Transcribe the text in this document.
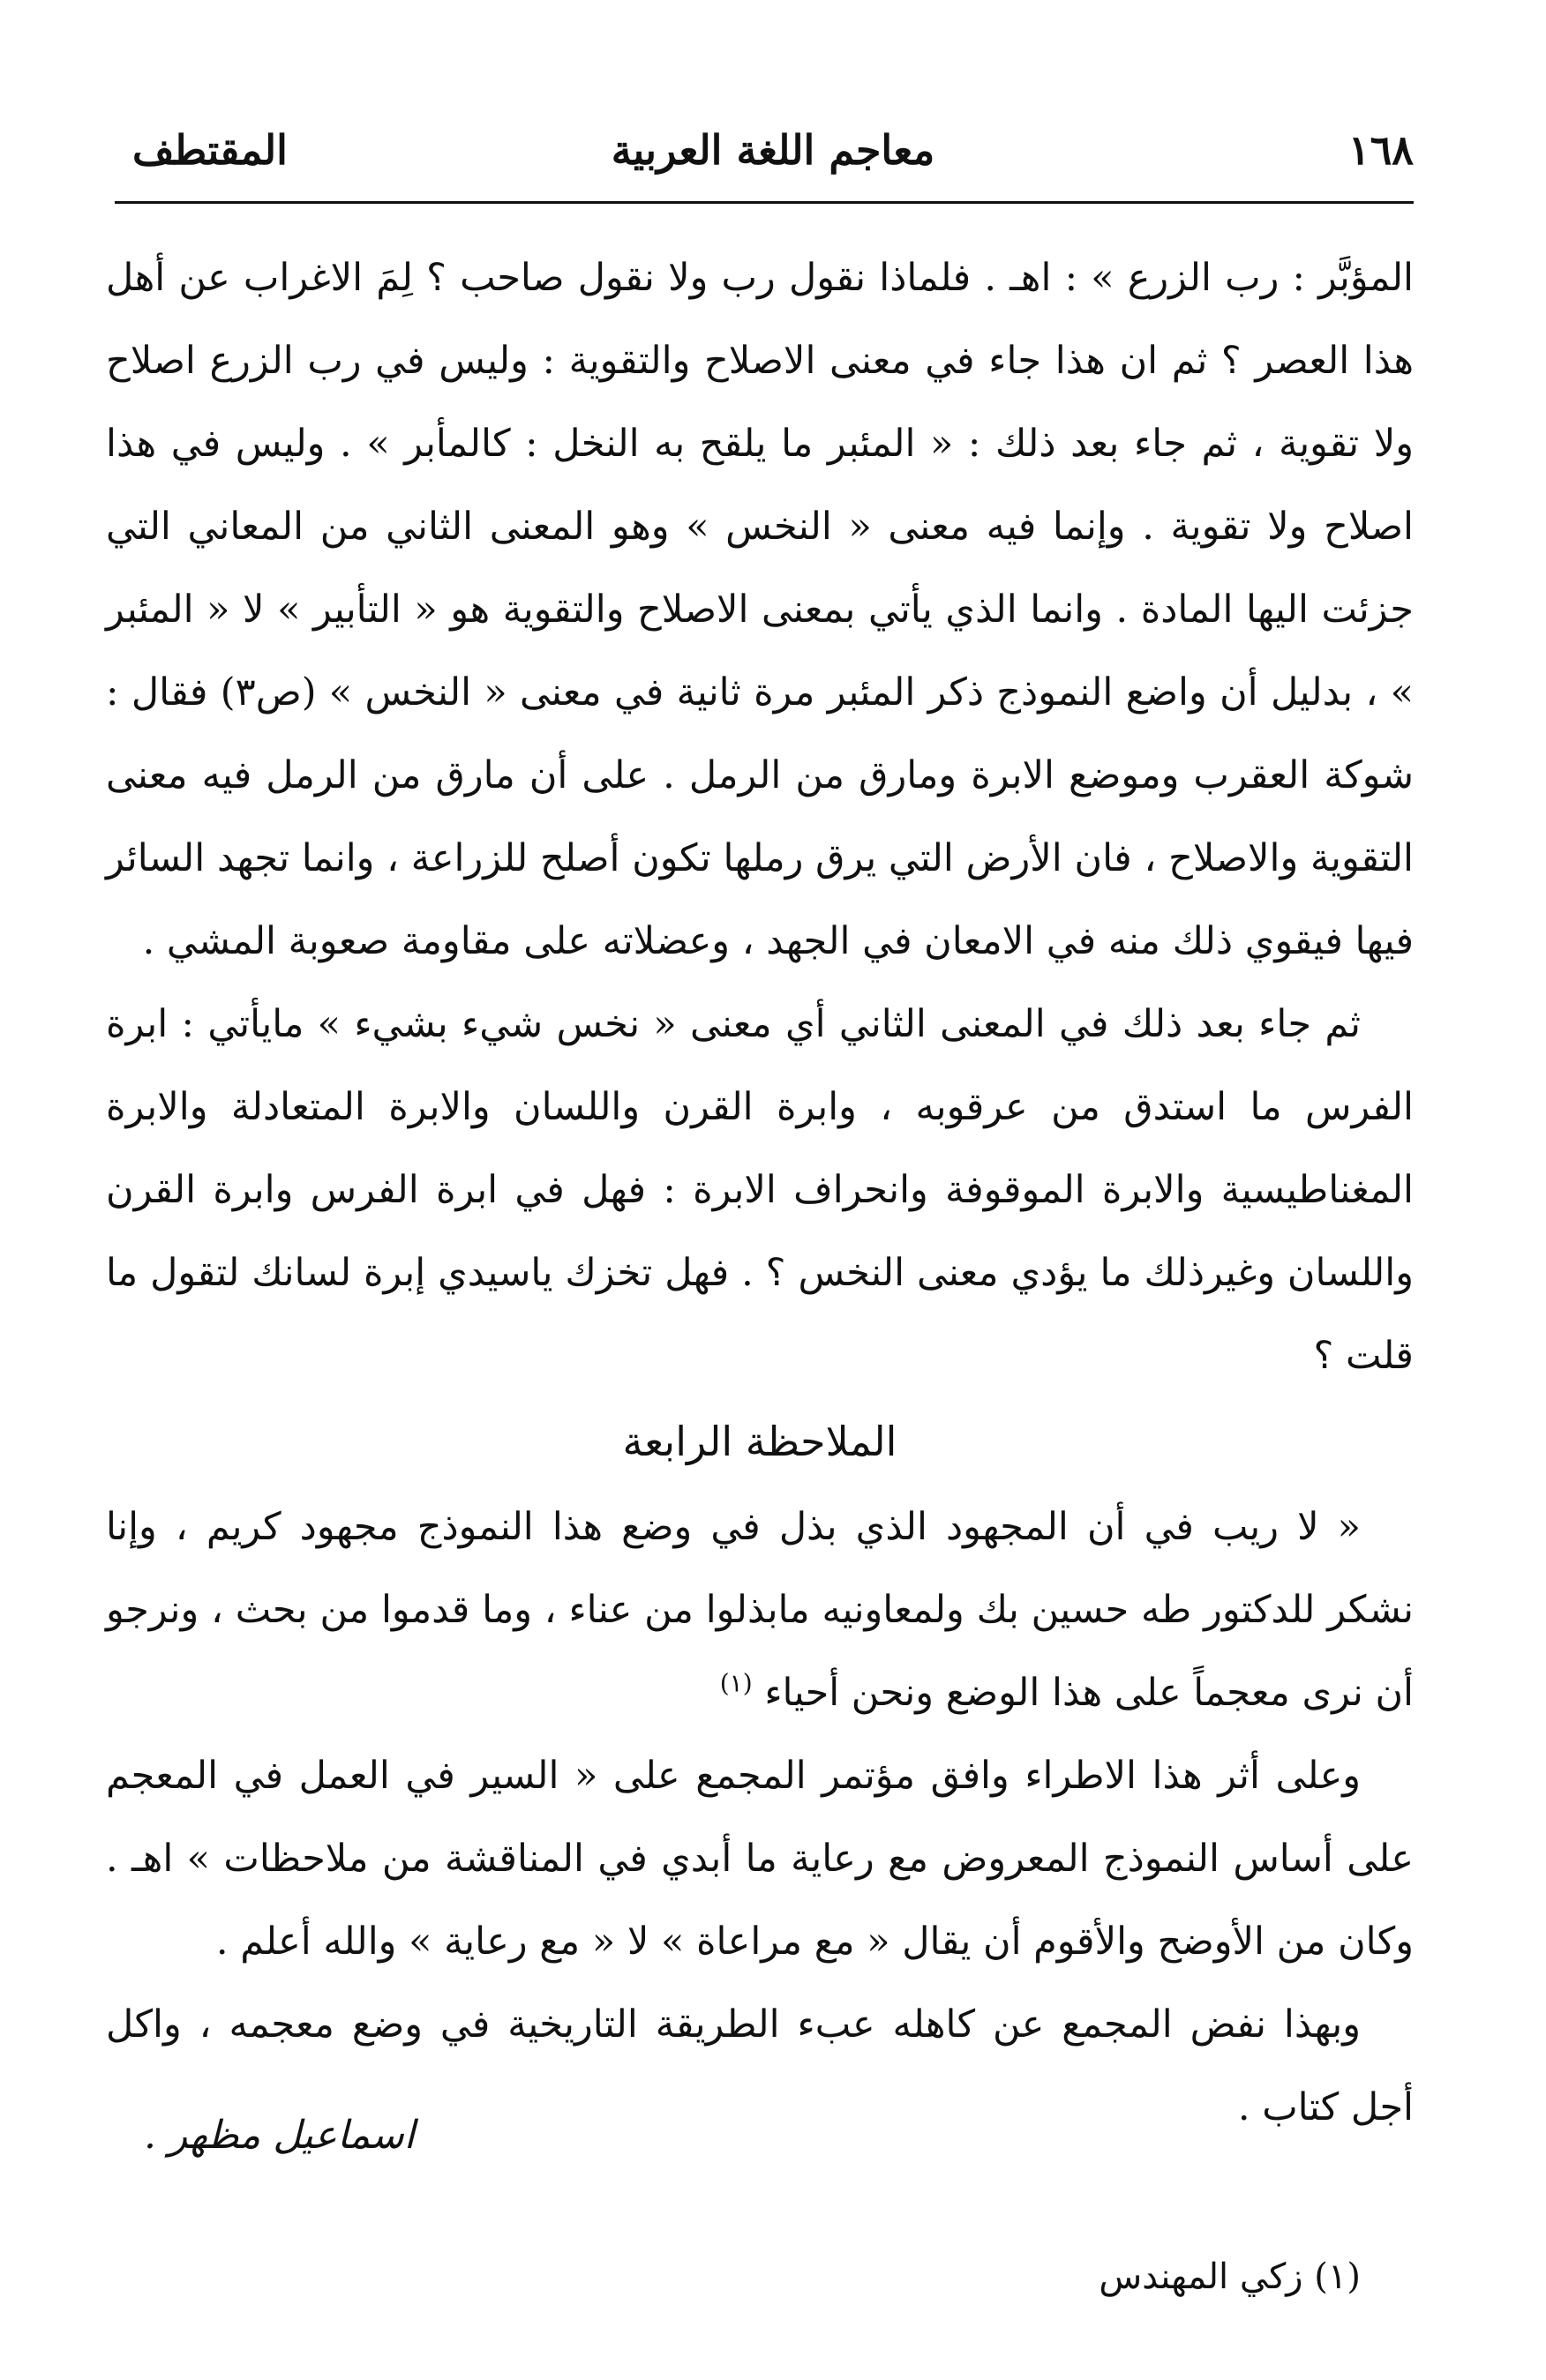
١٦٨
معاجم اللغة العربية
المقتطف

المؤبَّر : رب الزرع » : اهـ . فلماذا نقول رب ولا نقول صاحب ؟ لِمَ الاغراب عن أهل هذا العصر ؟ ثم ان هذا جاء في معنى الاصلاح والتقوية : وليس في رب الزرع اصلاح ولا تقوية ، ثم جاء بعد ذلك : « المئبر ما يلقح به النخل : كالمأبر » . وليس في هذا اصلاح ولا تقوية . وإنما فيه معنى « النخس » وهو المعنى الثاني من المعاني التي جزئت اليها المادة . وانما الذي يأتي بمعنى الاصلاح والتقوية هو « التأبير » لا « المئبر » ، بدليل أن واضع النموذج ذكر المئبر مرة ثانية في معنى « النخس » (ص٣) فقال : شوكة العقرب وموضع الابرة ومارق من الرمل . على أن مارق من الرمل فيه معنى التقوية والاصلاح ، فان الأرض التي يرق رملها تكون أصلح للزراعة ، وانما تجهد السائر فيها فيقوي ذلك منه في الامعان في الجهد ، وعضلاته على مقاومة صعوبة المشي .

ثم جاء بعد ذلك في المعنى الثاني أي معنى « نخس شيء بشيء » مايأتي : ابرة الفرس ما استدق من عرقوبه ، وابرة القرن واللسان والابرة المتعادلة والابرة المغناطيسية والابرة الموقوفة وانحراف الابرة : فهل في ابرة الفرس وابرة القرن واللسان وغيرذلك ما يؤدي معنى النخس ؟ . فهل تخزك ياسيدي إبرة لسانك لتقول ما قلت ؟

الملاحظة الرابعة

« لا ريب في أن المجهود الذي بذل في وضع هذا النموذج مجهود كريم ، وإنا نشكر للدكتور طه حسين بك ولمعاونيه مابذلوا من عناء ، وما قدموا من بحث ، ونرجو أن نرى معجماً على هذا الوضع ونحن أحياء $^{(١)}$

وعلى أثر هذا الاطراء وافق مؤتمر المجمع على « السير في العمل في المعجم على أساس النموذج المعروض مع رعاية ما أبدي في المناقشة من ملاحظات » اهـ . وكان من الأوضح والأقوم أن يقال « مع مراعاة » لا « مع رعاية » والله أعلم .

وبهذا نفض المجمع عن كاهله عبء الطريقة التاريخية في وضع معجمه ، واكل أجل كتاب .

اسماعيل مظهر .
(١) زكي المهندس
